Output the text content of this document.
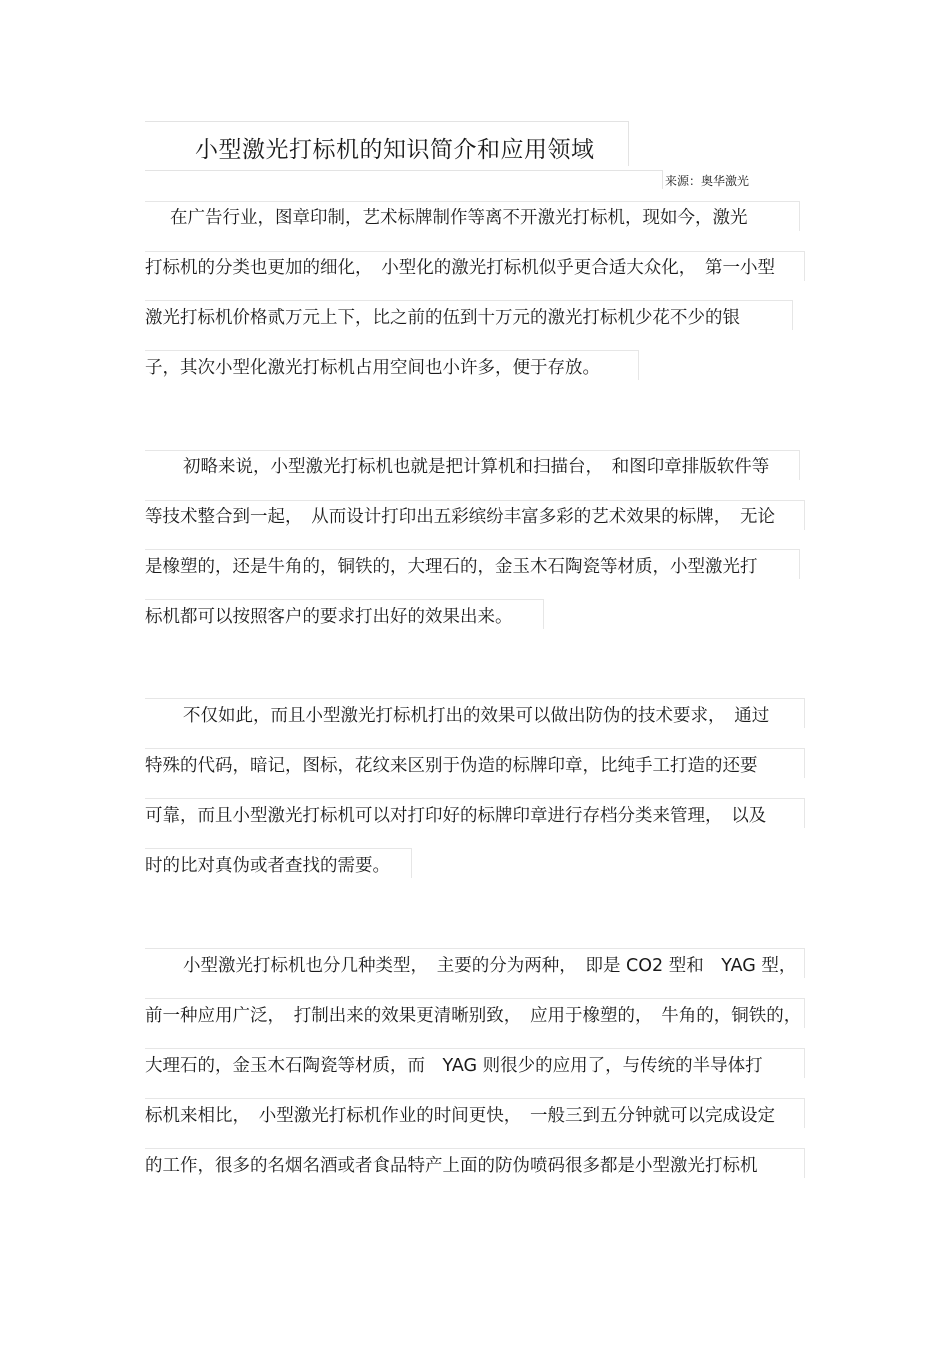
小型激光打标机的知识简介和应用领域
来源：奥华激光
在广告行业，图章印制，艺术标牌制作等离不开激光打标机，现如今，激光
打标机的分类也更加的细化，　小型化的激光打标机似乎更合适大众化，　第一小型
激光打标机价格贰万元上下，比之前的伍到十万元的激光打标机少花不少的银
子，其次小型化激光打标机占用空间也小许多，便于存放。
初略来说，小型激光打标机也就是把计算机和扫描台，　和图印章排版软件等
等技术整合到一起，　从而设计打印出五彩缤纷丰富多彩的艺术效果的标牌，　无论
是橡塑的，还是牛角的，铜铁的，大理石的，金玉木石陶瓷等材质，小型激光打
标机都可以按照客户的要求打出好的效果出来。
不仅如此，而且小型激光打标机打出的效果可以做出防伪的技术要求，　通过
特殊的代码，暗记，图标，花纹来区别于伪造的标牌印章，比纯手工打造的还要
可靠，而且小型激光打标机可以对打印好的标牌印章进行存档分类来管理，　以及
时的比对真伪或者查找的需要。
小型激光打标机也分几种类型，　主要的分为两种，　即是 CO2 型和　YAG 型，
前一种应用广泛，　打制出来的效果更清晰别致，　应用于橡塑的，　牛角的，铜铁的，
大理石的，金玉木石陶瓷等材质，而　YAG 则很少的应用了，与传统的半导体打
标机来相比，　小型激光打标机作业的时间更快，　一般三到五分钟就可以完成设定
的工作，很多的名烟名酒或者食品特产上面的防伪喷码很多都是小型激光打标机
